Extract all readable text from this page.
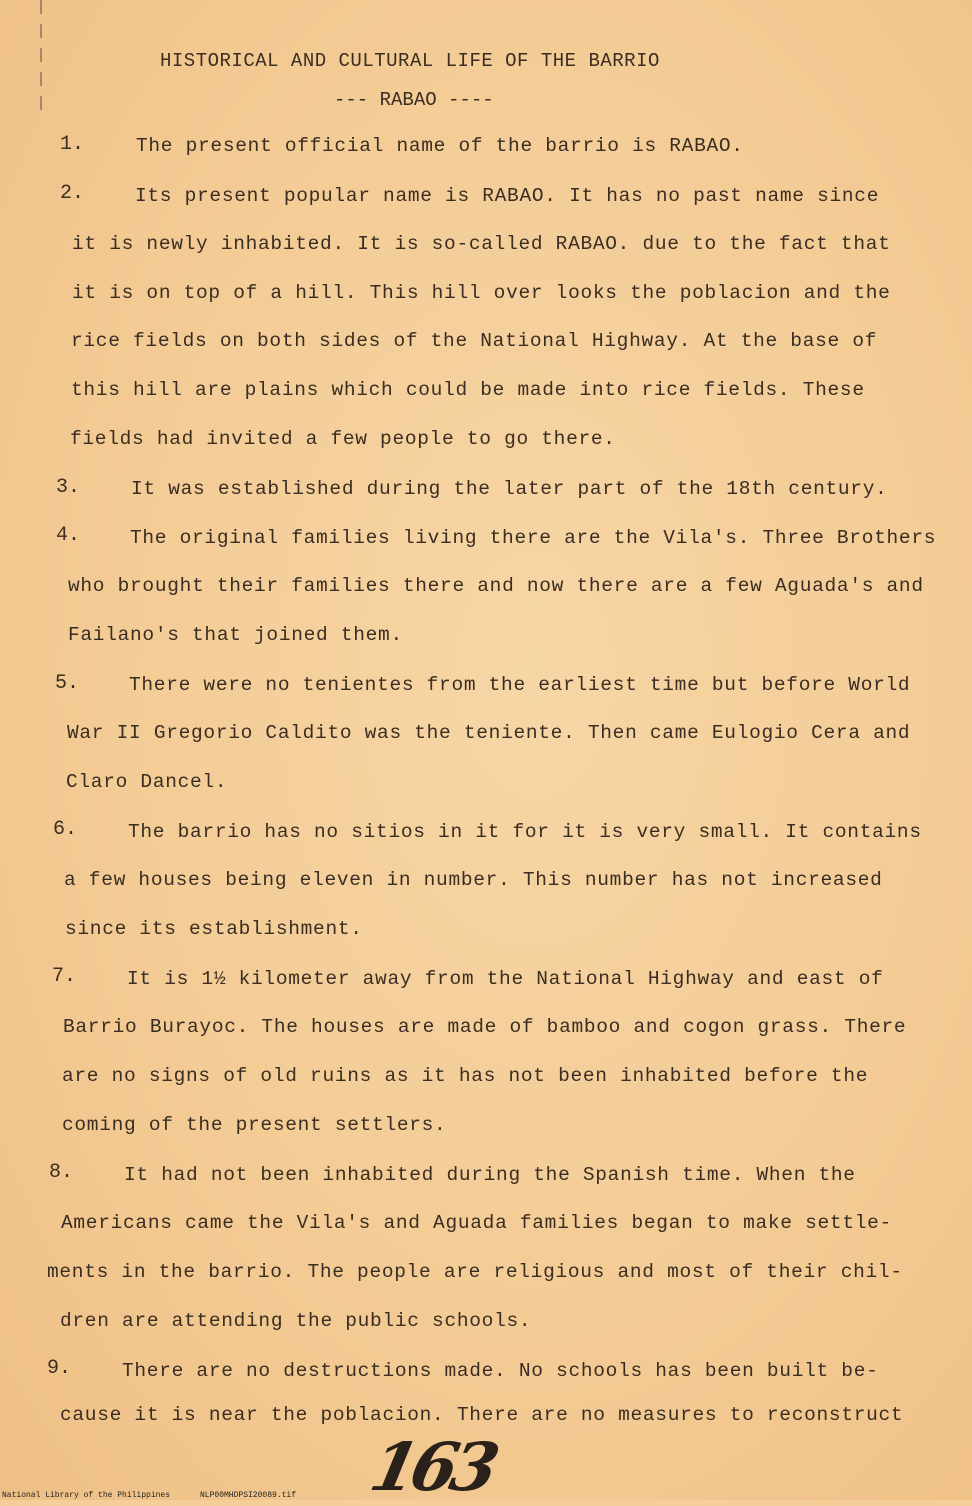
HISTORICAL AND CULTURAL LIFE OF THE BARRIO
--- RABAO ----
1.	The present official name of the barrio is RABAO.
2.	Its present popular name is RABAO. It has no past name since
it is newly inhabited. It is so-called RABAO. due to the fact that
it is on top of a hill. This hill over looks the poblacion and the
rice fields on both sides of the National Highway. At the base of
this hill are plains which could be made into rice fields. These
fields had invited a few people to go there.
3.	It was established during the later part of the 18th century.
4.	The original families living there are the Vila's. Three Brothers
who brought their families there and now there are a few Aguada's and
Failano's that joined them.
5.	There were no tenientes from the earliest time but before World
War II Gregorio Caldito was the teniente. Then came Eulogio Cera and
Claro Dancel.
6.	The barrio has no sitios in it for it is very small. It contains
a few houses being eleven in number. This number has not increased
since its establishment.
7.	It is 1½ kilometer away from the National Highway and east of
Barrio Burayoc. The houses are made of bamboo and cogon grass. There
are no signs of old ruins as it has not been inhabited before the
coming of the present settlers.
8.	It had not been inhabited during the Spanish time. When the
Americans came the Vila's and Aguada families began to make settle-
ments in the barrio. The people are religious and most of their chil-
dren are attending the public schools.
9.	There are no destructions made. No schools has been built be-
cause it is near the poblacion. There are no measures to reconstruct
163
National Library of the Philippines	NLP00MHDPSI20089.tif
